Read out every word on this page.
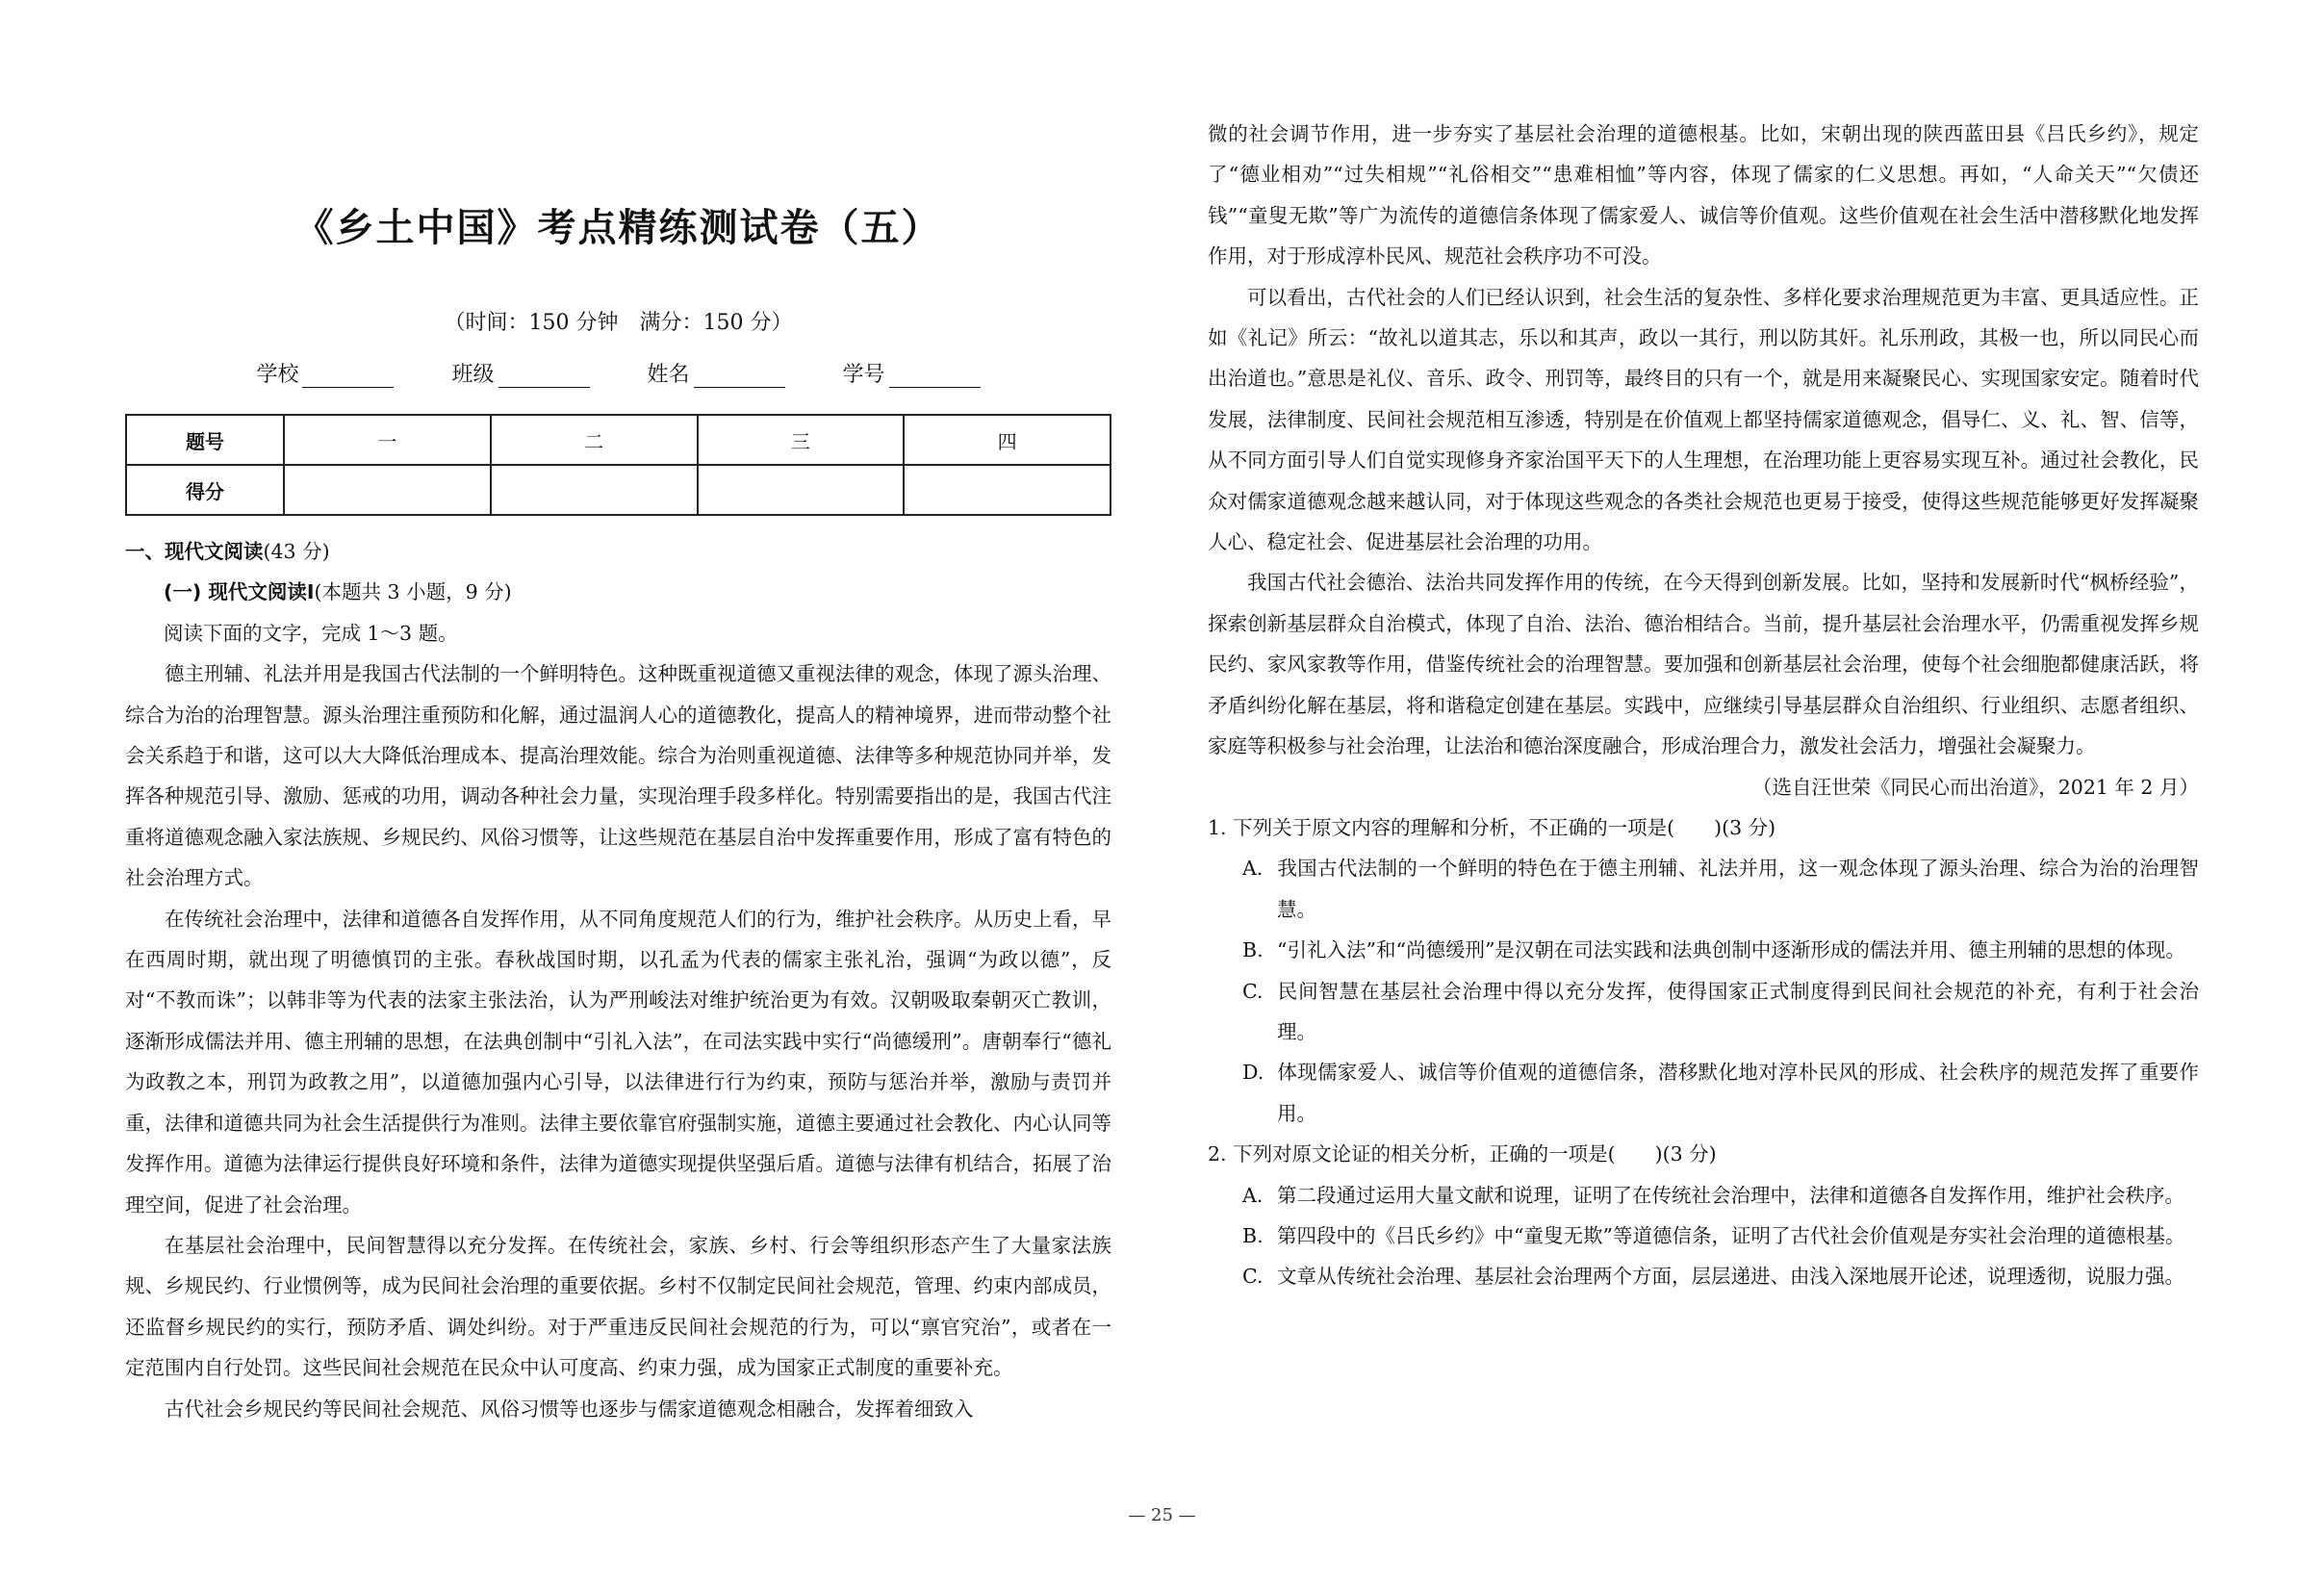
《乡土中国》考点精练测试卷（五）
（时间：150 分钟　满分：150 分）
学校	班级	姓名	学号
题号	一	二	三	四
得分				

一、现代文阅读(43 分)

(一) 现代文阅读Ⅰ(本题共 3 小题，9 分)

阅读下面的文字，完成 1～3 题。

德主刑辅、礼法并用是我国古代法制的一个鲜明特色。这种既重视道德又重视法律的观念，体现了源头治理、综合为治的治理智慧。源头治理注重预防和化解，通过温润人心的道德教化，提高人的精神境界，进而带动整个社会关系趋于和谐，这可以大大降低治理成本、提高治理效能。综合为治则重视道德、法律等多种规范协同并举，发挥各种规范引导、激励、惩戒的功用，调动各种社会力量，实现治理手段多样化。特别需要指出的是，我国古代注重将道德观念融入家法族规、乡规民约、风俗习惯等，让这些规范在基层自治中发挥重要作用，形成了富有特色的社会治理方式。

在传统社会治理中，法律和道德各自发挥作用，从不同角度规范人们的行为，维护社会秩序。从历史上看，早在西周时期，就出现了明德慎罚的主张。春秋战国时期，以孔孟为代表的儒家主张礼治，强调“为政以德”，反对“不教而诛”；以韩非等为代表的法家主张法治，认为严刑峻法对维护统治更为有效。汉朝吸取秦朝灭亡教训，逐渐形成儒法并用、德主刑辅的思想，在法典创制中“引礼入法”，在司法实践中实行“尚德缓刑”。唐朝奉行“德礼为政教之本，刑罚为政教之用”，以道德加强内心引导，以法律进行行为约束，预防与惩治并举，激励与责罚并重，法律和道德共同为社会生活提供行为准则。法律主要依靠官府强制实施，道德主要通过社会教化、内心认同等发挥作用。道德为法律运行提供良好环境和条件，法律为道德实现提供坚强后盾。道德与法律有机结合，拓展了治理空间，促进了社会治理。

在基层社会治理中，民间智慧得以充分发挥。在传统社会，家族、乡村、行会等组织形态产生了大量家法族规、乡规民约、行业惯例等，成为民间社会治理的重要依据。乡村不仅制定民间社会规范，管理、约束内部成员，还监督乡规民约的实行，预防矛盾、调处纠纷。对于严重违反民间社会规范的行为，可以“禀官究治”，或者在一定范围内自行处罚。这些民间社会规范在民众中认可度高、约束力强，成为国家正式制度的重要补充。

古代社会乡规民约等民间社会规范、风俗习惯等也逐步与儒家道德观念相融合，发挥着细致入

微的社会调节作用，进一步夯实了基层社会治理的道德根基。比如，宋朝出现的陕西蓝田县《吕氏乡约》，规定了“德业相劝”“过失相规”“礼俗相交”“患难相恤”等内容，体现了儒家的仁义思想。再如，“人命关天”“欠债还钱”“童叟无欺”等广为流传的道德信条体现了儒家爱人、诚信等价值观。这些价值观在社会生活中潜移默化地发挥作用，对于形成淳朴民风、规范社会秩序功不可没。

可以看出，古代社会的人们已经认识到，社会生活的复杂性、多样化要求治理规范更为丰富、更具适应性。正如《礼记》所云：“故礼以道其志，乐以和其声，政以一其行，刑以防其奸。礼乐刑政，其极一也，所以同民心而出治道也。”意思是礼仪、音乐、政令、刑罚等，最终目的只有一个，就是用来凝聚民心、实现国家安定。随着时代发展，法律制度、民间社会规范相互渗透，特别是在价值观上都坚持儒家道德观念，倡导仁、义、礼、智、信等，从不同方面引导人们自觉实现修身齐家治国平天下的人生理想，在治理功能上更容易实现互补。通过社会教化，民众对儒家道德观念越来越认同，对于体现这些观念的各类社会规范也更易于接受，使得这些规范能够更好发挥凝聚人心、稳定社会、促进基层社会治理的功用。

我国古代社会德治、法治共同发挥作用的传统，在今天得到创新发展。比如，坚持和发展新时代“枫桥经验”，探索创新基层群众自治模式，体现了自治、法治、德治相结合。当前，提升基层社会治理水平，仍需重视发挥乡规民约、家风家教等作用，借鉴传统社会的治理智慧。要加强和创新基层社会治理，使每个社会细胞都健康活跃，将矛盾纠纷化解在基层，将和谐稳定创建在基层。实践中，应继续引导基层群众自治组织、行业组织、志愿者组织、家庭等积极参与社会治理，让法治和德治深度融合，形成治理合力，激发社会活力，增强社会凝聚力。

（选自汪世荣《同民心而出治道》，2021 年 2 月）

1. 下列关于原文内容的理解和分析，不正确的一项是(　　)(3 分)

A. 我国古代法制的一个鲜明的特色在于德主刑辅、礼法并用，这一观念体现了源头治理、综合为治的治理智慧。

B. “引礼入法”和“尚德缓刑”是汉朝在司法实践和法典创制中逐渐形成的儒法并用、德主刑辅的思想的体现。

C. 民间智慧在基层社会治理中得以充分发挥，使得国家正式制度得到民间社会规范的补充，有利于社会治理。

D. 体现儒家爱人、诚信等价值观的道德信条，潜移默化地对淳朴民风的形成、社会秩序的规范发挥了重要作用。

2. 下列对原文论证的相关分析，正确的一项是(　　)(3 分)

A. 第二段通过运用大量文献和说理，证明了在传统社会治理中，法律和道德各自发挥作用，维护社会秩序。

B. 第四段中的《吕氏乡约》中“童叟无欺”等道德信条，证明了古代社会价值观是夯实社会治理的道德根基。

C. 文章从传统社会治理、基层社会治理两个方面，层层递进、由浅入深地展开论述，说理透彻，说服力强。

— 25 —
